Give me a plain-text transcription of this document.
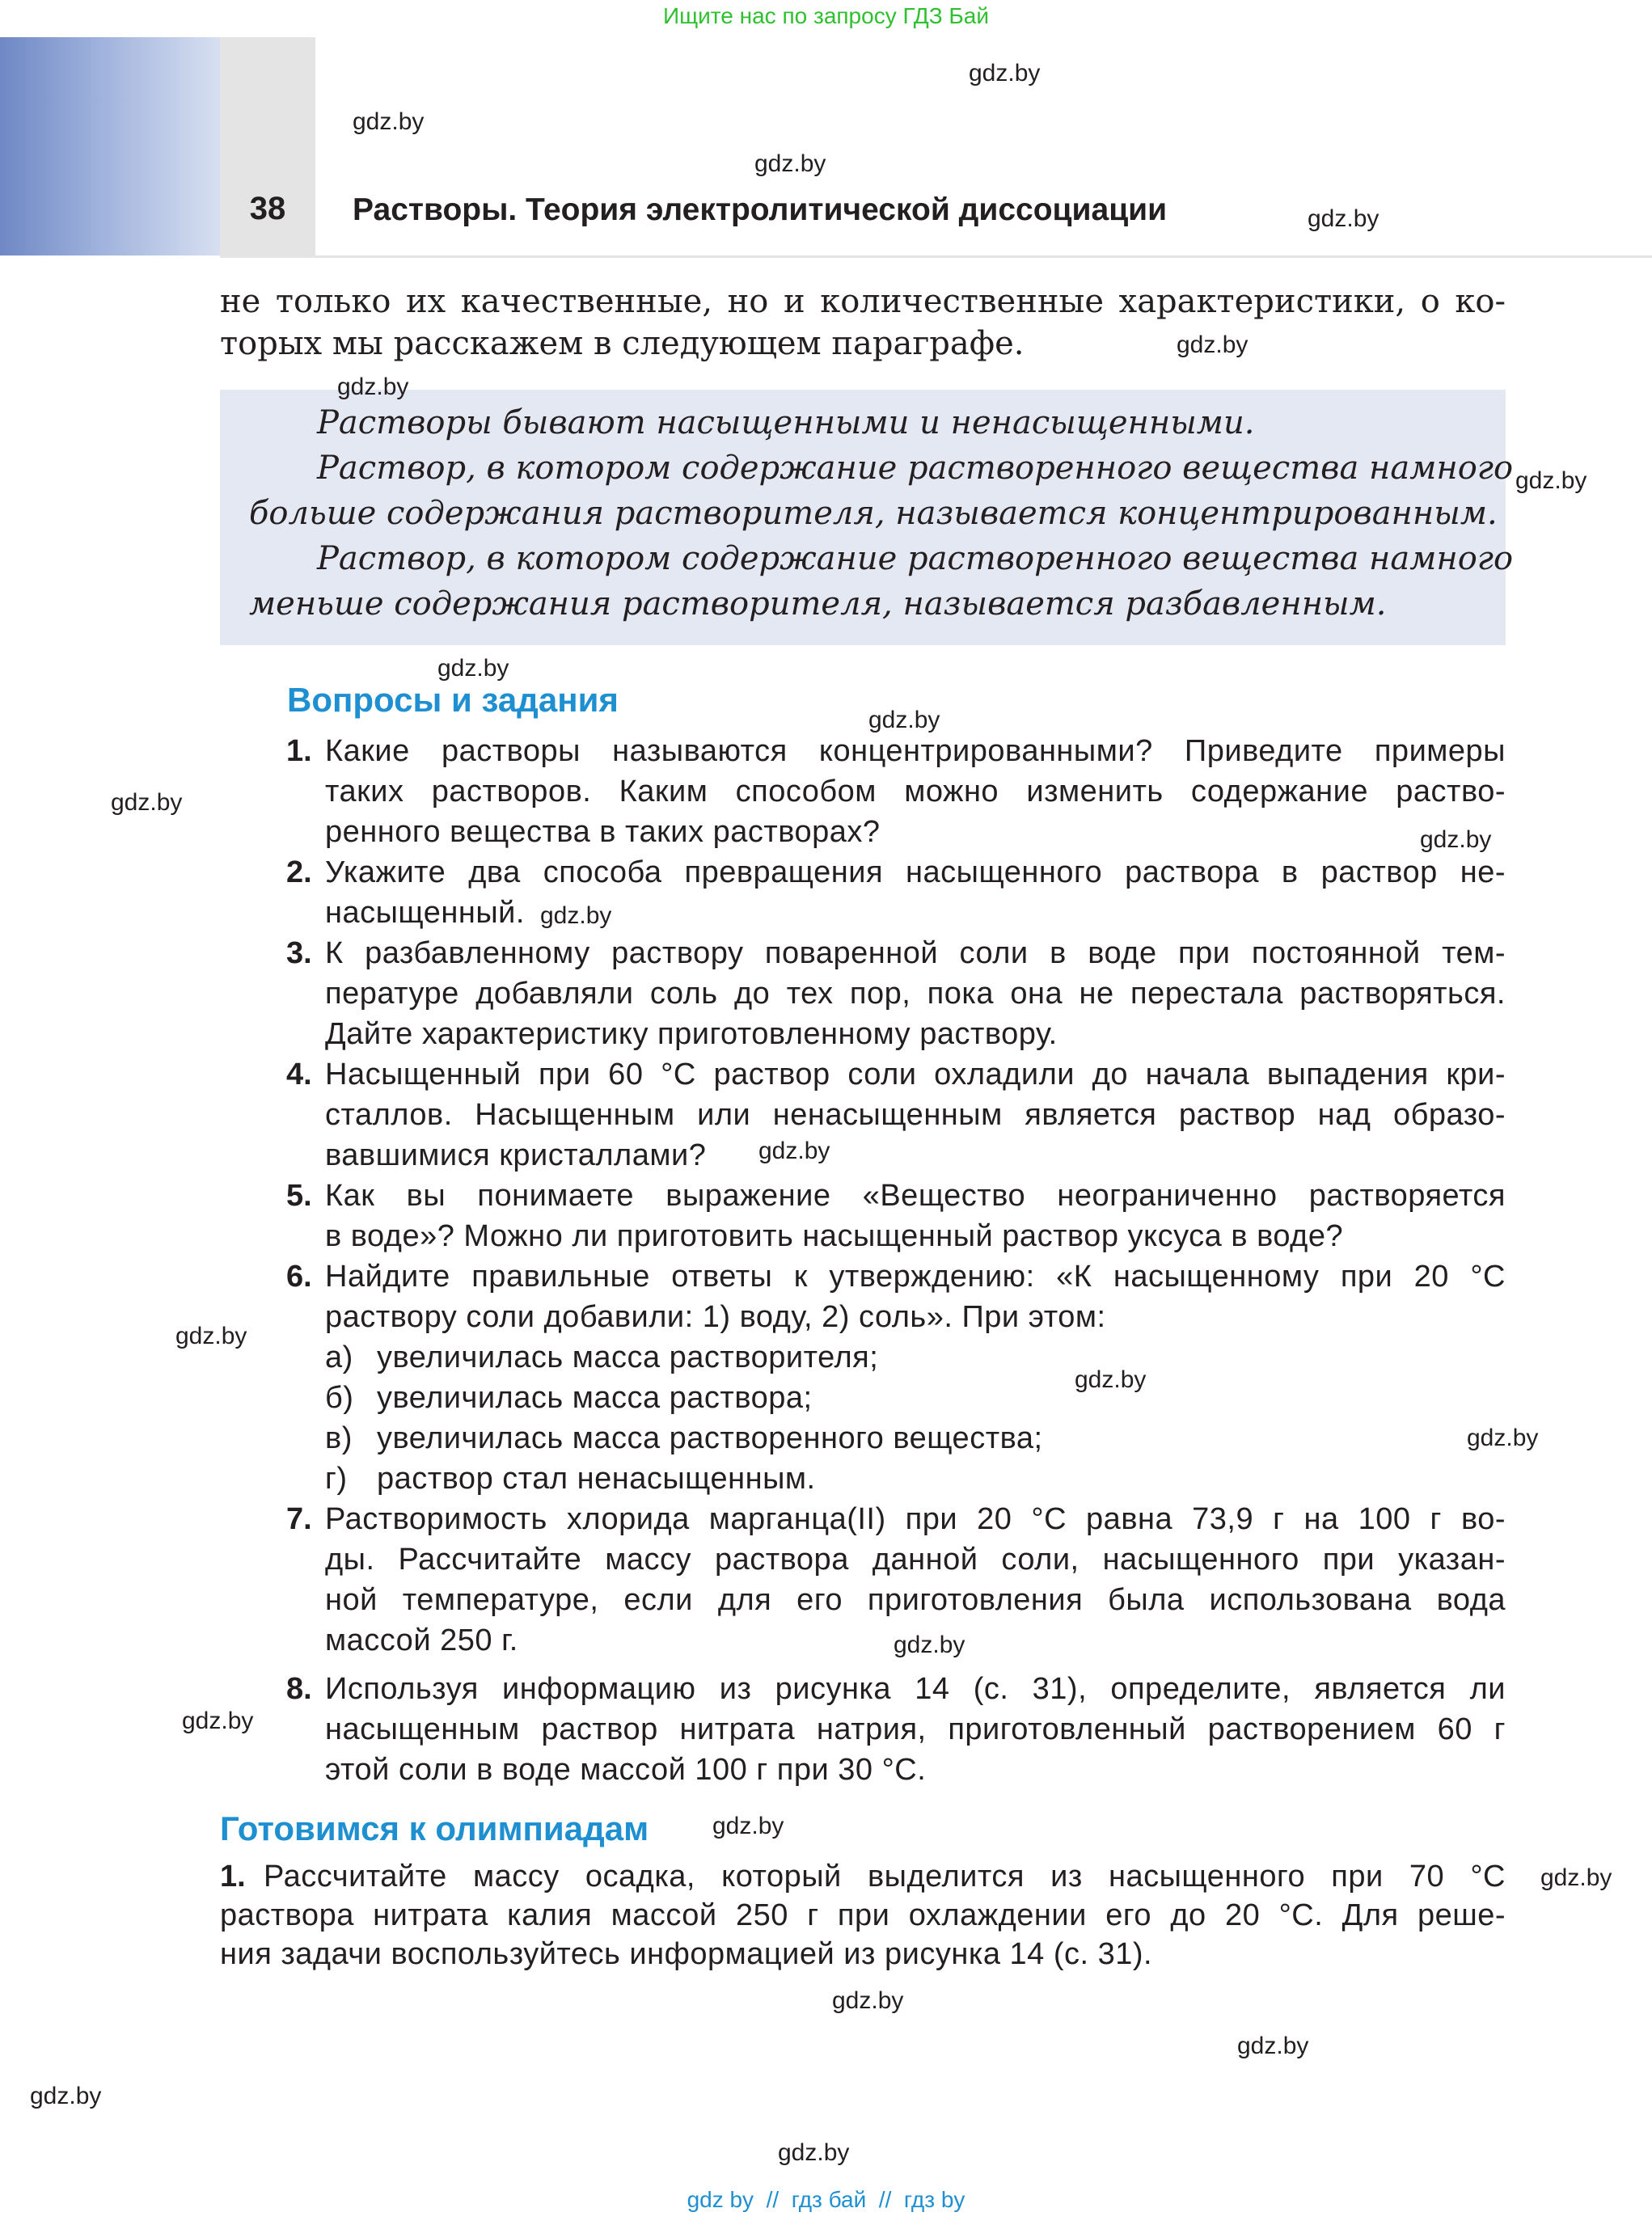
Ищите нас по запросу ГДЗ Бай
38	Растворы. Теория электролитической диссоциации
не только их качественные, но и количественные характеристики, о ко-
торых мы расскажем в следующем параграфе.
Растворы бывают насыщенными и ненасыщенными.
Раствор, в котором содержание растворенного вещества намного
больше содержания растворителя, называется концентрированным.
Раствор, в котором содержание растворенного вещества намного
меньше содержания растворителя, называется разбавленным.
Вопросы и задания
1. Какие растворы называются концентрированными? Приведите примеры
таких растворов. Каким способом можно изменить содержание раство-
ренного вещества в таких растворах?
2. Укажите два способа превращения насыщенного раствора в раствор не-
насыщенный.
3. К разбавленному раствору поваренной соли в воде при постоянной тем-
пературе добавляли соль до тех пор, пока она не перестала растворяться.
Дайте характеристику приготовленному раствору.
4. Насыщенный при 60 °С раствор соли охладили до начала выпадения кри-
сталлов. Насыщенным или ненасыщенным является раствор над образо-
вавшимися кристаллами?
5. Как вы понимаете выражение «Вещество неограниченно растворяется
в воде»? Можно ли приготовить насыщенный раствор уксуса в воде?
6. Найдите правильные ответы к утверждению: «К насыщенному при 20 °С
раствору соли добавили: 1) воду, 2) соль». При этом:
а) увеличилась масса растворителя;
б) увеличилась масса раствора;
в) увеличилась масса растворенного вещества;
г) раствор стал ненасыщенным.
7. Растворимость хлорида марганца(II) при 20 °С равна 73,9 г на 100 г во-
ды. Рассчитайте массу раствора данной соли, насыщенного при указан-
ной температуре, если для его приготовления была использована вода
массой 250 г.
8. Используя информацию из рисунка 14 (с. 31), определите, является ли
насыщенным раствор нитрата натрия, приготовленный растворением 60 г
этой соли в воде массой 100 г при 30 °С.
Готовимся к олимпиадам
1. Рассчитайте массу осадка, который выделится из насыщенного при 70 °С
раствора нитрата калия массой 250 г при охлаждении его до 20 °С. Для реше-
ния задачи воспользуйтесь информацией из рисунка 14 (с. 31).
gdz.by
gdz.by
gdz.by
gdz.by
gdz.by
gdz.by
gdz.by
gdz.by
gdz.by
gdz.by
gdz.by
gdz.by
gdz.by
gdz.by
gdz.by
gdz.by
gdz.by
gdz.by
gdz.by
gdz.by
gdz.by
gdz.by
gdz.by
gdz.by
gdz by  //  гдз бай  //  гдз by
